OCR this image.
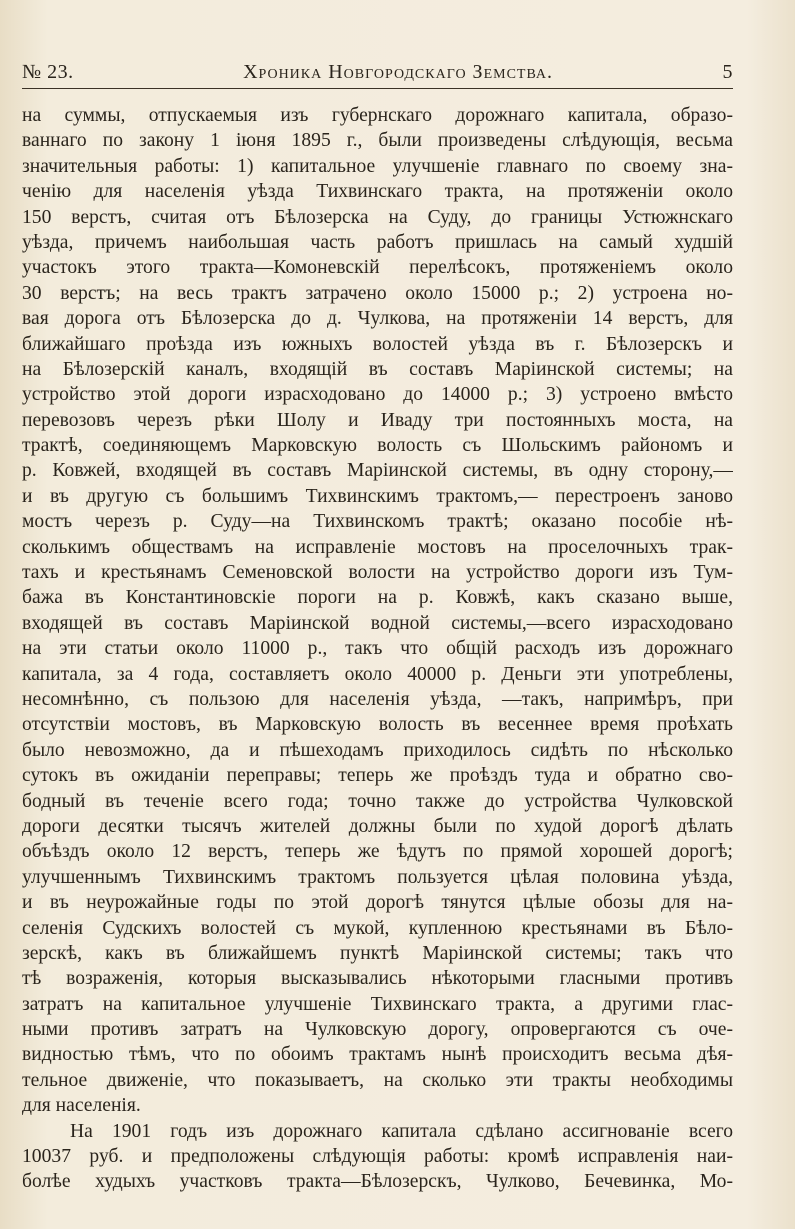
№ 23.	Хроника Новгородскаго Земства.	5
на суммы, отпускаемыя изъ губернскаго дорожнаго капитала, образо-
ваннаго по закону 1 іюня 1895 г., были произведены слѣдующія, весьма
значительныя работы: 1) капитальное улучшеніе главнаго по своему зна-
ченію для населенія уѣзда Тихвинскаго тракта, на протяженіи около
150 верстъ, считая отъ Бѣлозерска на Суду, до границы Устюжнскаго
уѣзда, причемъ наибольшая часть работъ пришлась на самый худшій
участокъ этого тракта—Комоневскій перелѣсокъ, протяженіемъ около
30 верстъ; на весь трактъ затрачено около 15000 р.; 2) устроена но-
вая дорога отъ Бѣлозерска до д. Чулкова, на протяженіи 14 верстъ, для
ближайшаго проѣзда изъ южныхъ волостей уѣзда въ г. Бѣлозерскъ и
на Бѣлозерскій каналъ, входящій въ составъ Маріинской системы; на
устройство этой дороги израсходовано до 14000 р.; 3) устроено вмѣсто
перевозовъ черезъ рѣки Шолу и Иваду три постоянныхъ моста, на
трактѣ, соединяющемъ Марковскую волость съ Шольскимъ райономъ и
р. Ковжей, входящей въ составъ Маріинской системы, въ одну сторону,—
и въ другую съ большимъ Тихвинскимъ трактомъ,— перестроенъ заново
мостъ черезъ р. Суду—на Тихвинскомъ трактѣ; оказано пособіе нѣ-
сколькимъ обществамъ на исправленіе мостовъ на проселочныхъ трак-
тахъ и крестьянамъ Семеновской волости на устройство дороги изъ Тум-
бажа въ Константиновскіе пороги на р. Ковжѣ, какъ сказано выше,
входящей въ составъ Маріинской водной системы,—всего израсходовано
на эти статьи около 11000 р., такъ что общій расходъ изъ дорожнаго
капитала, за 4 года, составляетъ около 40000 р. Деньги эти употреблены,
несомнѣнно, съ пользою для населенія уѣзда, —такъ, напримѣръ, при
отсутствіи мостовъ, въ Марковскую волость въ весеннее время проѣхать
было невозможно, да и пѣшеходамъ приходилось сидѣть по нѣсколько
сутокъ въ ожиданіи переправы; теперь же проѣздъ туда и обратно сво-
бодный въ теченіе всего года; точно также до устройства Чулковской
дороги десятки тысячъ жителей должны были по худой дорогѣ дѣлать
объѣздъ около 12 верстъ, теперь же ѣдутъ по прямой хорошей дорогѣ;
улучшеннымъ Тихвинскимъ трактомъ пользуется цѣлая половина уѣзда,
и въ неурожайные годы по этой дорогѣ тянутся цѣлые обозы для на-
селенія Судскихъ волостей съ мукой, купленною крестьянами въ Бѣло-
зерскѣ, какъ въ ближайшемъ пунктѣ Маріинской системы; такъ что
тѣ возраженія, которыя высказывались нѣкоторыми гласными противъ
затратъ на капитальное улучшеніе Тихвинскаго тракта, а другими глас-
ными противъ затратъ на Чулковскую дорогу, опровергаются съ оче-
видностью тѣмъ, что по обоимъ трактамъ нынѣ происходитъ весьма дѣя-
тельное движеніе, что показываетъ, на сколько эти тракты необходимы
для населенія.
На 1901 годъ изъ дорожнаго капитала сдѣлано ассигнованіе всего
10037 руб. и предположены слѣдующія работы: кромѣ исправленія наи-
болѣе худыхъ участковъ тракта—Бѣлозерскъ, Чулково, Бечевинка, Мо-
